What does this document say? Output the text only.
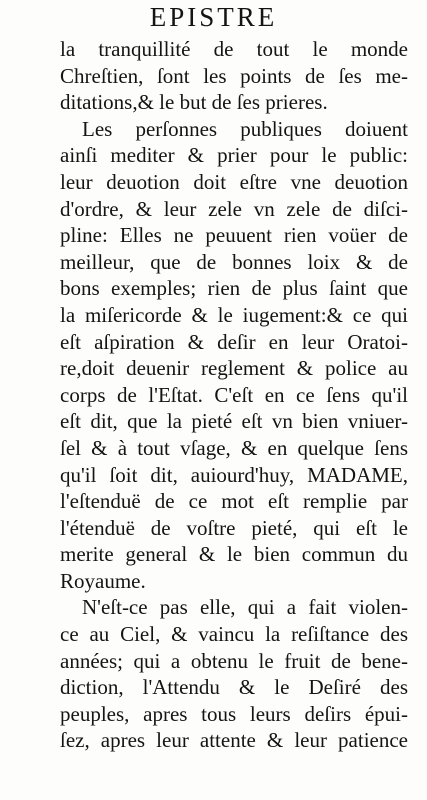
EPISTRE
la tranquillité de tout le monde
Chreſtien, ſont les points de ſes me-
ditations,& le but de ſes prieres.
Les perſonnes publiques doiuent
ainſi mediter & prier pour le public:
leur deuotion doit eſtre vne deuotion
d'ordre, & leur zele vn zele de diſci-
pline: Elles ne peuuent rien voüer de
meilleur, que de bonnes loix & de
bons exemples; rien de plus ſaint que
la miſericorde & le iugement:& ce qui
eſt aſpiration & deſir en leur Oratoi-
re,doit deuenir reglement & police au
corps de l'Eſtat. C'eſt en ce ſens qu'il
eſt dit, que la pieté eſt vn bien vniuer-
ſel & à tout vſage, & en quelque ſens
qu'il ſoit dit, auiourd'huy, MADAME,
l'eſtenduë de ce mot eſt remplie par
l'étenduë de voſtre pieté, qui eſt le
merite general & le bien commun du
Royaume.
N'eſt-ce pas elle, qui a fait violen-
ce au Ciel, & vaincu la reſiſtance des
années; qui a obtenu le fruit de bene-
diction, l'Attendu & le Deſiré des
peuples, apres tous leurs deſirs épui-
ſez, apres leur attente & leur patience
